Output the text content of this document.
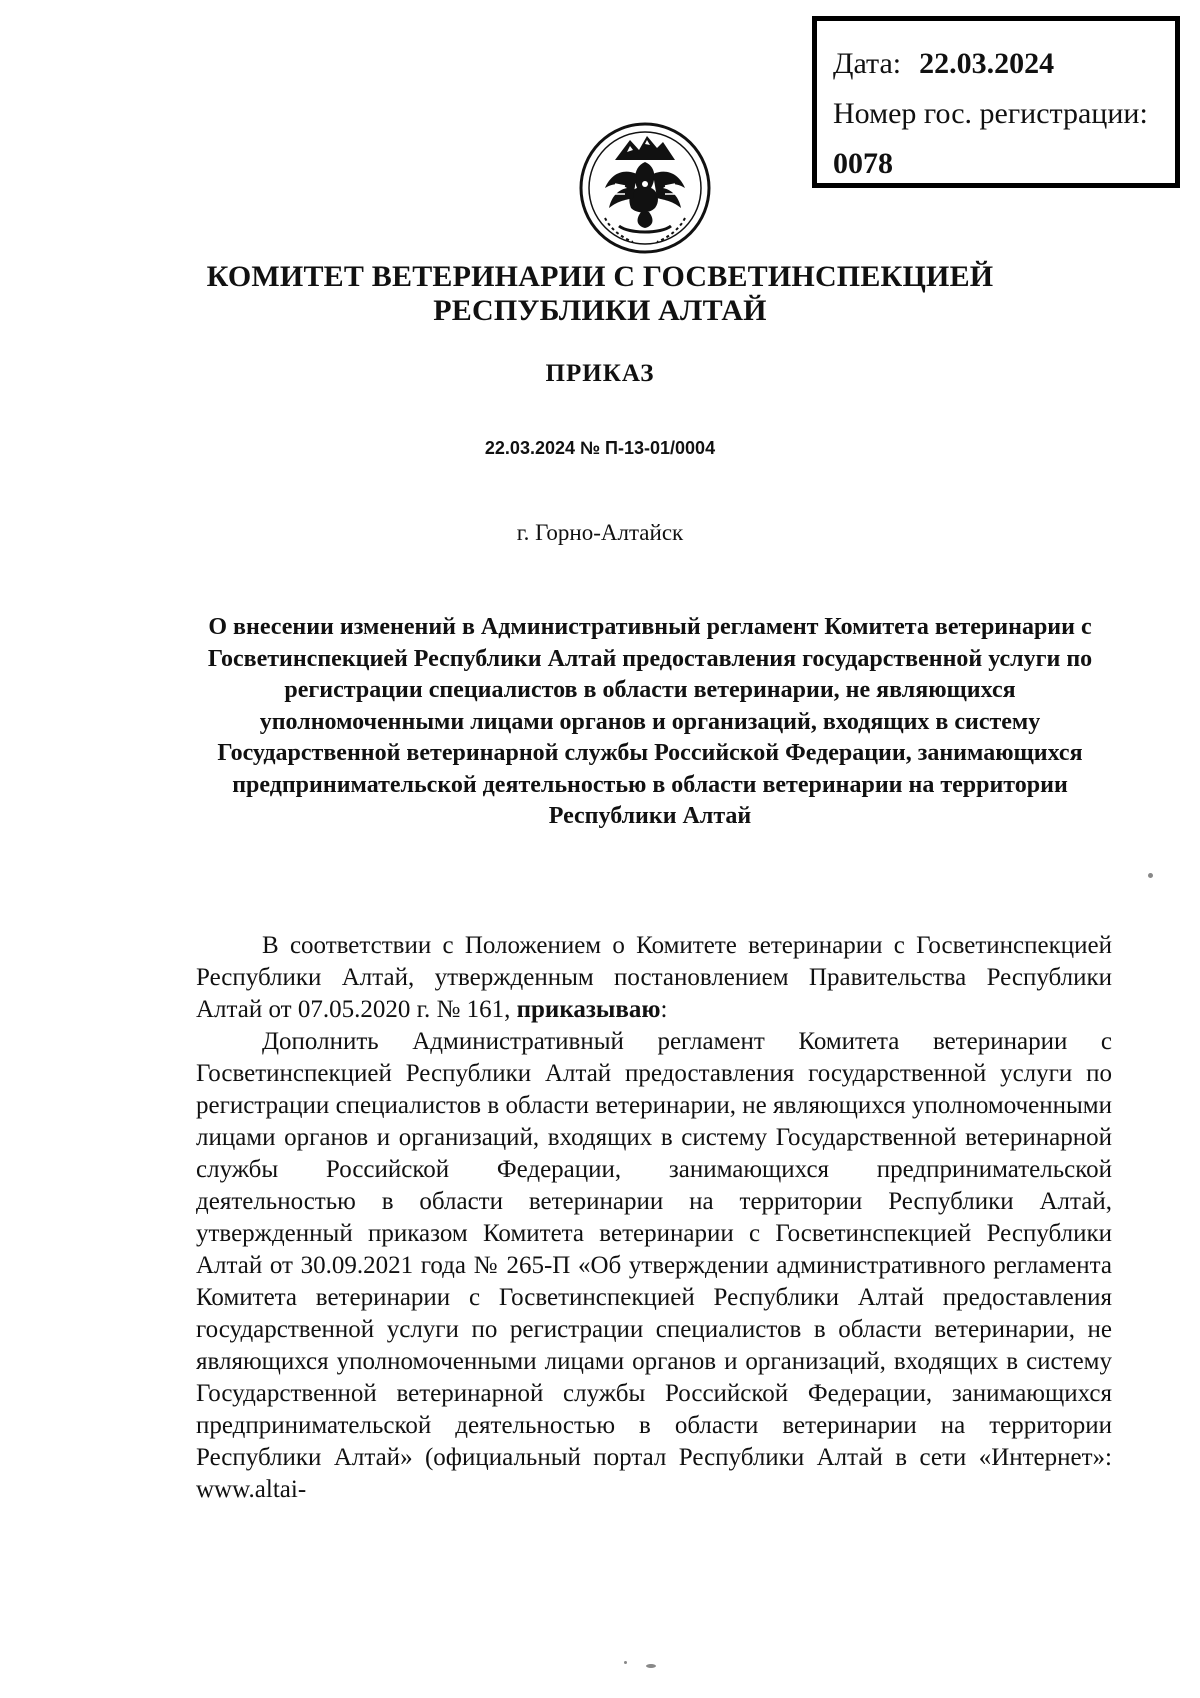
Дата: 22.03.2024
Номер гос. регистрации:
0078
КОМИТЕТ ВЕТЕРИНАРИИ С ГОСВЕТИНСПЕКЦИЕЙ
РЕСПУБЛИКИ АЛТАЙ
ПРИКАЗ
22.03.2024 № П-13-01/0004
г. Горно-Алтайск
О внесении изменений в Административный регламент Комитета ветеринарии с Госветинспекцией Республики Алтай предоставления государственной услуги по регистрации специалистов в области ветеринарии, не являющихся уполномоченными лицами органов и организаций, входящих в систему Государственной ветеринарной службы Российской Федерации, занимающихся предпринимательской деятельностью в области ветеринарии на территории Республики Алтай

В соответствии с Положением о Комитете ветеринарии с Госветинспекцией Республики Алтай, утвержденным постановлением Правительства Республики Алтай от 07.05.2020 г. № 161, приказываю:

Дополнить Административный регламент Комитета ветеринарии с Госветинспекцией Республики Алтай предоставления государственной услуги по регистрации специалистов в области ветеринарии, не являющихся уполномоченными лицами органов и организаций, входящих в систему Государственной ветеринарной службы Российской Федерации, занимающихся предпринимательской деятельностью в области ветеринарии на территории Республики Алтай, утвержденный приказом Комитета ветеринарии с Госветинспекцией Республики Алтай от 30.09.2021 года № 265-П «Об утверждении административного регламента Комитета ветеринарии с Госветинспекцией Республики Алтай предоставления государственной услуги по регистрации специалистов в области ветеринарии, не являющихся уполномоченными лицами органов и организаций, входящих в систему Государственной ветеринарной службы Российской Федерации, занимающихся предпринимательской деятельностью в области ветеринарии на территории Республики Алтай» (официальный портал Республики Алтай в сети «Интернет»: www.altai-
